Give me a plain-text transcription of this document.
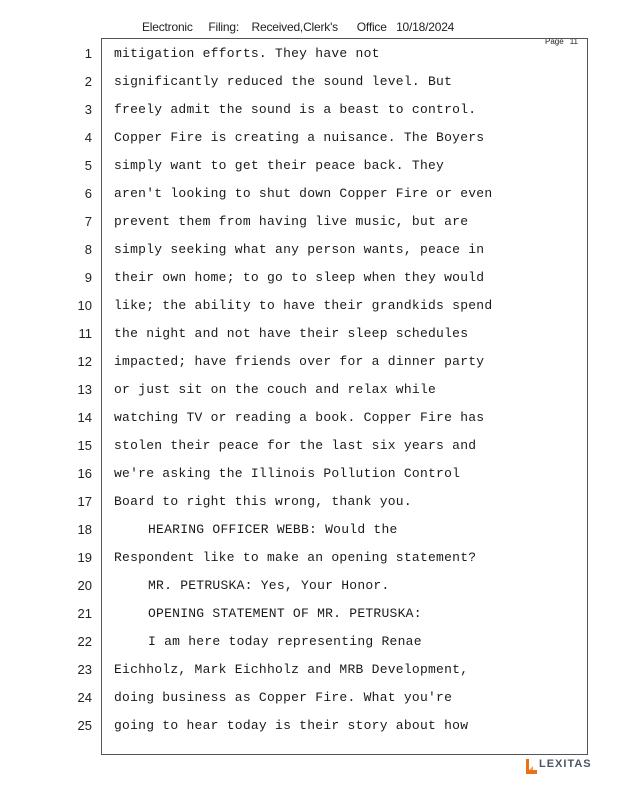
Electronic     Filing:    Received,Clerk's      Office   10/18/2024
Page 11
1
2
3
4
5
6
7
8
9
10
11
12
13
14
15
16
17
18
19
20
21
22
23
24
25
mitigation efforts. They have not
significantly reduced the sound level. But
freely admit the sound is a beast to control.
Copper Fire is creating a nuisance. The Boyers
simply want to get their peace back. They
aren't looking to shut down Copper Fire or even
prevent them from having live music, but are
simply seeking what any person wants, peace in
their own home; to go to sleep when they would
like; the ability to have their grandkids spend
the night and not have their sleep schedules
impacted; have friends over for a dinner party
or just sit on the couch and relax while
watching TV or reading a book. Copper Fire has
stolen their peace for the last six years and
we're asking the Illinois Pollution Control
Board to right this wrong, thank you.
HEARING OFFICER WEBB: Would the
Respondent like to make an opening statement?
MR. PETRUSKA: Yes, Your Honor.
OPENING STATEMENT OF MR. PETRUSKA:
I am here today representing Renae
Eichholz, Mark Eichholz and MRB Development,
doing business as Copper Fire. What you're
going to hear today is their story about how
LEXITAS
